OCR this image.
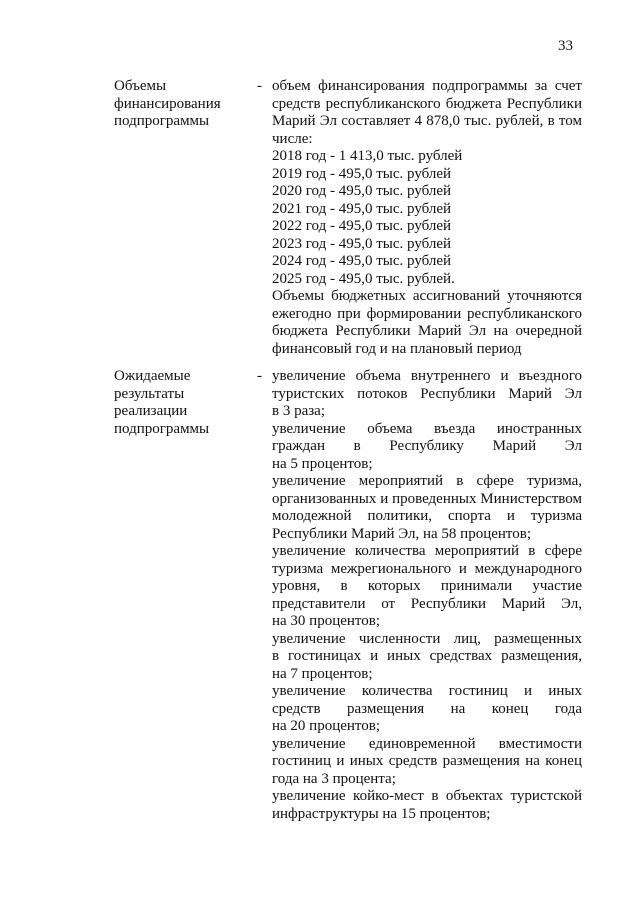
33
Объемы
финансирования
подпрограммы
- объем финансирования подпрограммы за счет
средств республиканского бюджета Республики
Марий Эл составляет 4 878,0 тыс. рублей, в том
числе:
2018 год - 1 413,0 тыс. рублей
2019 год - 495,0 тыс. рублей
2020 год - 495,0 тыс. рублей
2021 год - 495,0 тыс. рублей
2022 год - 495,0 тыс. рублей
2023 год - 495,0 тыс. рублей
2024 год - 495,0 тыс. рублей
2025 год - 495,0 тыс. рублей.
Объемы бюджетных ассигнований уточняются
ежегодно при формировании республиканского
бюджета Республики Марий Эл на очередной
финансовый год и на плановый период
Ожидаемые
результаты
реализации
подпрограммы
- увеличение объема внутреннего и въездного
туристских потоков Республики Марий Эл
в 3 раза;
увеличение объема въезда иностранных
граждан в Республику Марий Эл
на 5 процентов;
увеличение мероприятий в сфере туризма,
организованных и проведенных Министерством
молодежной политики, спорта и туризма
Республики Марий Эл, на 58 процентов;
увеличение количества мероприятий в сфере
туризма межрегионального и международного
уровня, в которых принимали участие
представители от Республики Марий Эл,
на 30 процентов;
увеличение численности лиц, размещенных
в гостиницах и иных средствах размещения,
на 7 процентов;
увеличение количества гостиниц и иных
средств размещения на конец года
на 20 процентов;
увеличение единовременной вместимости
гостиниц и иных средств размещения на конец
года на 3 процента;
увеличение койко-мест в объектах туристской
инфраструктуры на 15 процентов;
